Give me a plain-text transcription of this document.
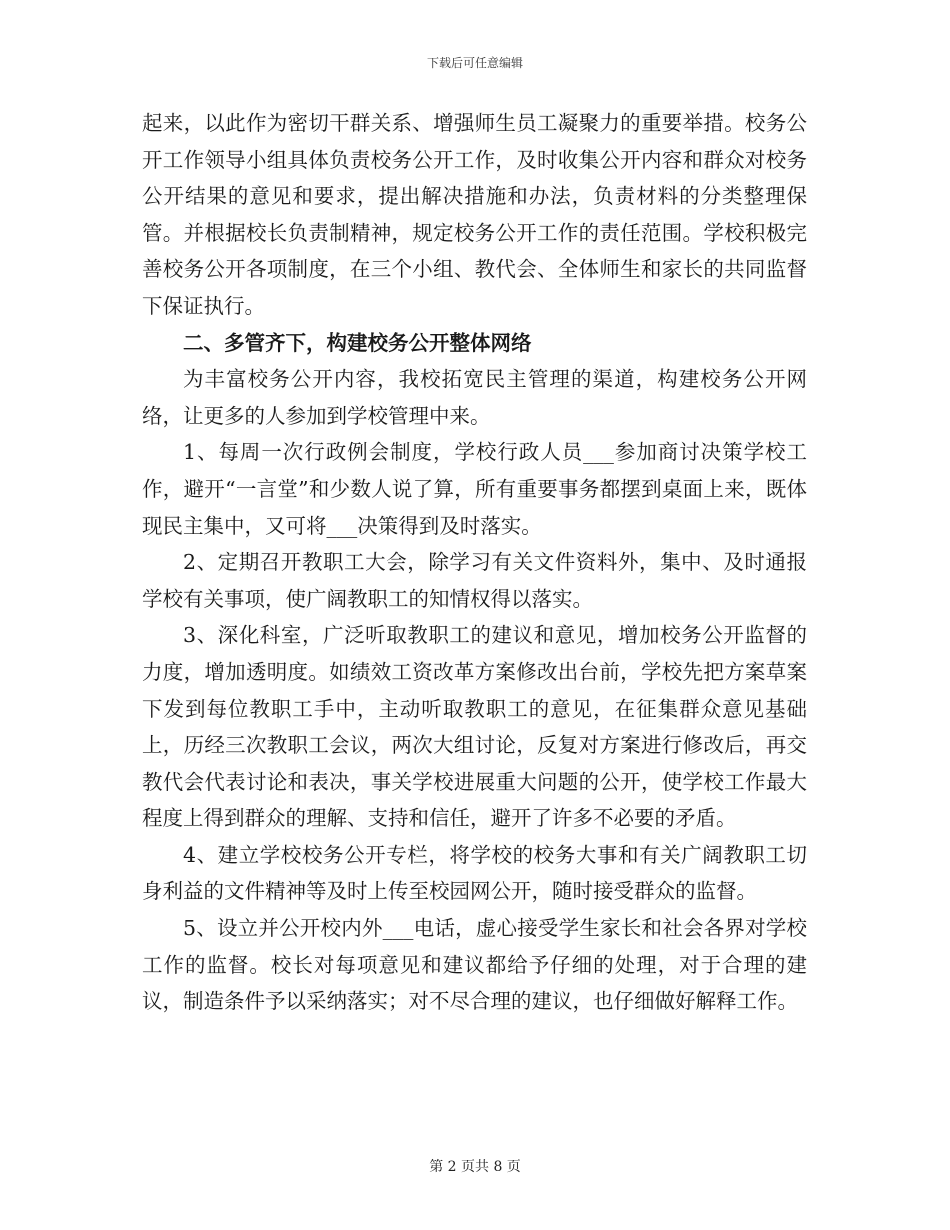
下载后可任意编辑

起来，以此作为密切干群关系、增强师生员工凝聚力的重要举措。校务公开工作领导小组具体负责校务公开工作，及时收集公开内容和群众对校务公开结果的意见和要求，提出解决措施和办法，负责材料的分类整理保管。并根据校长负责制精神，规定校务公开工作的责任范围。学校积极完善校务公开各项制度，在三个小组、教代会、全体师生和家长的共同监督下保证执行。

二、多管齐下，构建校务公开整体网络

为丰富校务公开内容，我校拓宽民主管理的渠道，构建校务公开网络，让更多的人参加到学校管理中来。

1、每周一次行政例会制度，学校行政人员___参加商讨决策学校工作，避开“一言堂”和少数人说了算，所有重要事务都摆到桌面上来，既体现民主集中，又可将___决策得到及时落实。

2、定期召开教职工大会，除学习有关文件资料外，集中、及时通报学校有关事项，使广阔教职工的知情权得以落实。

3、深化科室，广泛听取教职工的建议和意见，增加校务公开监督的力度，增加透明度。如绩效工资改革方案修改出台前，学校先把方案草案下发到每位教职工手中，主动听取教职工的意见，在征集群众意见基础上，历经三次教职工会议，两次大组讨论，反复对方案进行修改后，再交教代会代表讨论和表决，事关学校进展重大问题的公开，使学校工作最大程度上得到群众的理解、支持和信任，避开了许多不必要的矛盾。

4、建立学校校务公开专栏，将学校的校务大事和有关广阔教职工切身利益的文件精神等及时上传至校园网公开，随时接受群众的监督。

5、设立并公开校内外___电话，虚心接受学生家长和社会各界对学校工作的监督。校长对每项意见和建议都给予仔细的处理，对于合理的建议，制造条件予以采纳落实；对不尽合理的建议，也仔细做好解释工作。

第 2 页共 8 页
